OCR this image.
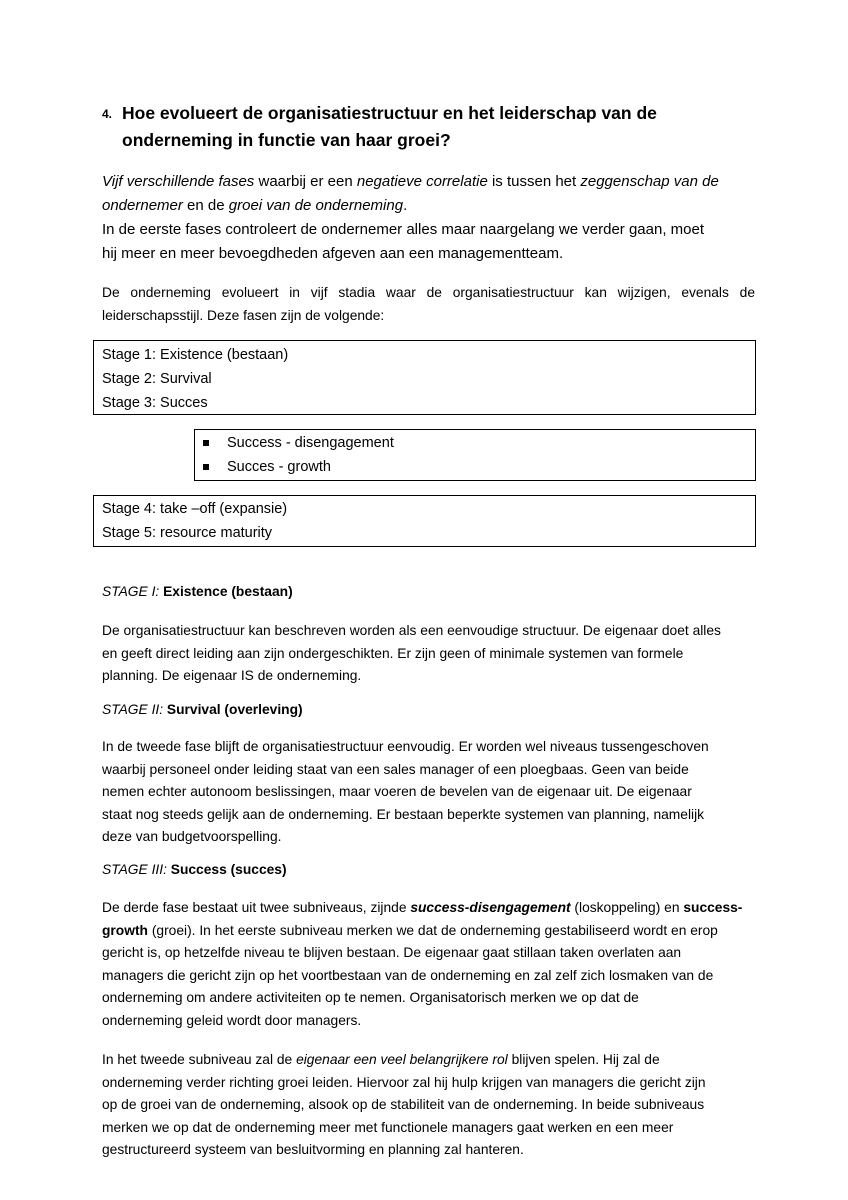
4. Hoe evolueert de organisatiestructuur en het leiderschap van de
onderneming in functie van haar groei?
Vijf verschillende fases waarbij er een negatieve correlatie is tussen het zeggenschap van de
ondernemer en de groei van de onderneming.
In de eerste fases controleert de ondernemer alles maar naargelang we verder gaan, moet
hij meer en meer bevoegdheden afgeven aan een managementteam.
De onderneming evolueert in vijf stadia waar de organisatiestructuur kan wijzigen, evenals de leiderschapsstijl. Deze fasen zijn de volgende:
Stage 1: Existence (bestaan)
Stage 2: Survival
Stage 3: Succes
Success - disengagement
Succes - growth
Stage 4: take –off (expansie)
Stage 5: resource maturity
STAGE I: Existence (bestaan)
De organisatiestructuur kan beschreven worden als een eenvoudige structuur. De eigenaar doet alles
en geeft direct leiding aan zijn ondergeschikten. Er zijn geen of minimale systemen van formele
planning. De eigenaar IS de onderneming.
STAGE II: Survival (overleving)
In de tweede fase blijft de organisatiestructuur eenvoudig. Er worden wel niveaus tussengeschoven
waarbij personeel onder leiding staat van een sales manager of een ploegbaas. Geen van beide
nemen echter autonoom beslissingen, maar voeren de bevelen van de eigenaar uit. De eigenaar
staat nog steeds gelijk aan de onderneming. Er bestaan beperkte systemen van planning, namelijk
deze van budgetvoorspelling.
STAGE III: Success (succes)
De derde fase bestaat uit twee subniveaus, zijnde success-disengagement (loskoppeling) en success-
growth (groei). In het eerste subniveau merken we dat de onderneming gestabiliseerd wordt en erop
gericht is, op hetzelfde niveau te blijven bestaan. De eigenaar gaat stillaan taken overlaten aan
managers die gericht zijn op het voortbestaan van de onderneming en zal zelf zich losmaken van de
onderneming om andere activiteiten op te nemen. Organisatorisch merken we op dat de
onderneming geleid wordt door managers.
In het tweede subniveau zal de eigenaar een veel belangrijkere rol blijven spelen. Hij zal de
onderneming verder richting groei leiden. Hiervoor zal hij hulp krijgen van managers die gericht zijn
op de groei van de onderneming, alsook op de stabiliteit van de onderneming. In beide subniveaus
merken we op dat de onderneming meer met functionele managers gaat werken en een meer
gestructureerd systeem van besluitvorming en planning zal hanteren.
